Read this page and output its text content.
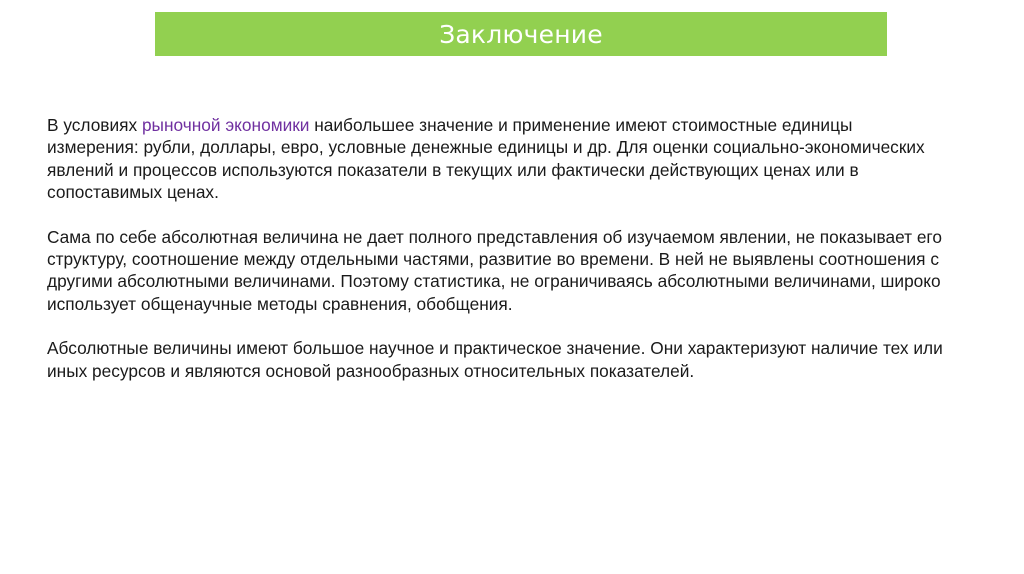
Заключение

В условиях рыночной экономики наибольшее значение и применение имеют стоимостные единицы измерения: рубли, доллары, евро, условные денежные единицы и др. Для оценки социально-экономических явлений и процессов используются показатели в текущих или фактически действующих ценах или в сопоставимых ценах.

Сама по себе абсолютная величина не дает полного представления об изучаемом явлении, не показывает его структуру, соотношение между отдельными частями, развитие во времени. В ней не выявлены соотношения с другими абсолютными величинами. Поэтому статистика, не ограничиваясь абсолютными величинами, широко использует общенаучные методы сравнения, обобщения.

Абсолютные величины имеют большое научное и практическое значение. Они характеризуют наличие тех или иных ресурсов и являются основой разнообразных относительных показателей.
